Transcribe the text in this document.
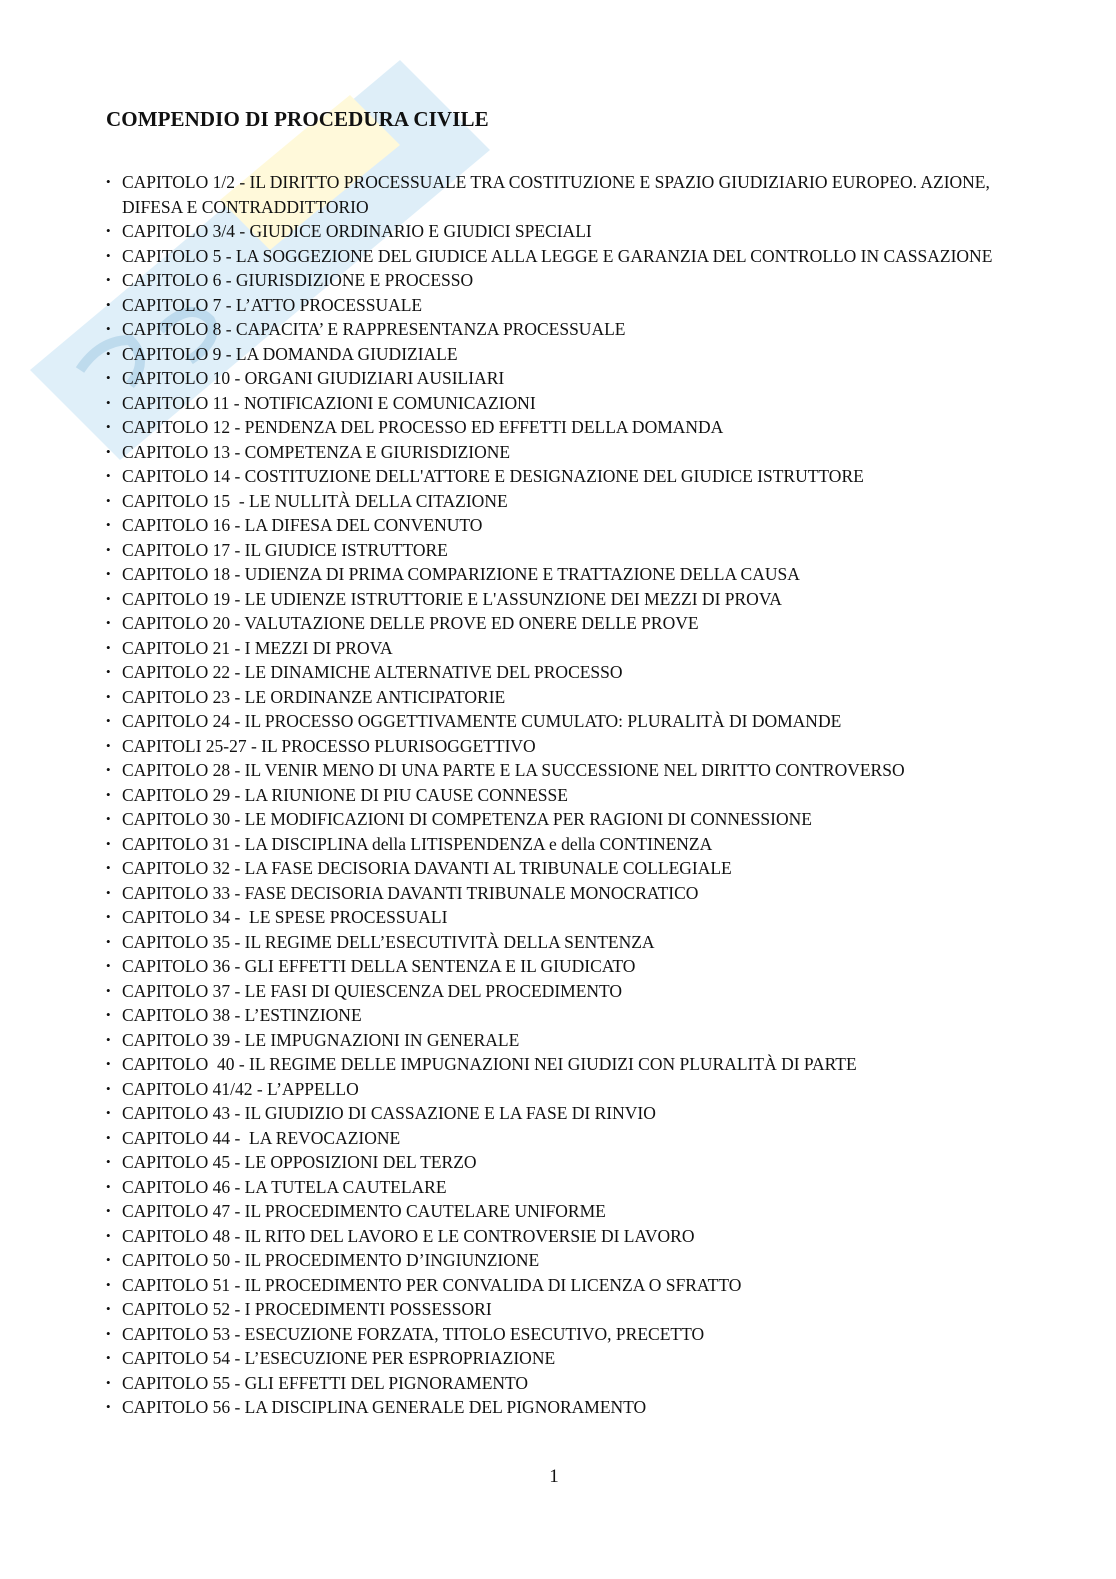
COMPENDIO DI PROCEDURA CIVILE
• CAPITOLO 1/2 - IL DIRITTO PROCESSUALE TRA COSTITUZIONE E SPAZIO GIUDIZIARIO EUROPEO. AZIONE, DIFESA E CONTRADDITTORIO
• CAPITOLO 3/4 - GIUDICE ORDINARIO E GIUDICI SPECIALI
• CAPITOLO 5 - LA SOGGEZIONE DEL GIUDICE ALLA LEGGE E GARANZIA DEL CONTROLLO IN CASSAZIONE
• CAPITOLO 6 - GIURISDIZIONE E PROCESSO
• CAPITOLO 7 - L’ATTO PROCESSUALE
• CAPITOLO 8 - CAPACITA’ E RAPPRESENTANZA PROCESSUALE
• CAPITOLO 9 - LA DOMANDA GIUDIZIALE
• CAPITOLO 10 - ORGANI GIUDIZIARI AUSILIARI
• CAPITOLO 11 - NOTIFICAZIONI E COMUNICAZIONI
• CAPITOLO 12 - PENDENZA DEL PROCESSO ED EFFETTI DELLA DOMANDA
• CAPITOLO 13 - COMPETENZA E GIURISDIZIONE
• CAPITOLO 14 - COSTITUZIONE DELL'ATTORE E DESIGNAZIONE DEL GIUDICE ISTRUTTORE
• CAPITOLO 15  - LE NULLITÀ DELLA CITAZIONE
• CAPITOLO 16 - LA DIFESA DEL CONVENUTO
• CAPITOLO 17 - IL GIUDICE ISTRUTTORE
• CAPITOLO 18 - UDIENZA DI PRIMA COMPARIZIONE E TRATTAZIONE DELLA CAUSA
• CAPITOLO 19 - LE UDIENZE ISTRUTTORIE E L'ASSUNZIONE DEI MEZZI DI PROVA
• CAPITOLO 20 - VALUTAZIONE DELLE PROVE ED ONERE DELLE PROVE
• CAPITOLO 21 - I MEZZI DI PROVA
• CAPITOLO 22 - LE DINAMICHE ALTERNATIVE DEL PROCESSO
• CAPITOLO 23 - LE ORDINANZE ANTICIPATORIE
• CAPITOLO 24 - IL PROCESSO OGGETTIVAMENTE CUMULATO: PLURALITÀ DI DOMANDE
• CAPITOLI 25-27 - IL PROCESSO PLURISOGGETTIVO
• CAPITOLO 28 - IL VENIR MENO DI UNA PARTE E LA SUCCESSIONE NEL DIRITTO CONTROVERSO
• CAPITOLO 29 - LA RIUNIONE DI PIU CAUSE CONNESSE
• CAPITOLO 30 - LE MODIFICAZIONI DI COMPETENZA PER RAGIONI DI CONNESSIONE
• CAPITOLO 31 - LA DISCIPLINA della LITISPENDENZA e della CONTINENZA
• CAPITOLO 32 - LA FASE DECISORIA DAVANTI AL TRIBUNALE COLLEGIALE
• CAPITOLO 33 - FASE DECISORIA DAVANTI TRIBUNALE MONOCRATICO
• CAPITOLO 34 -  LE SPESE PROCESSUALI
• CAPITOLO 35 - IL REGIME DELL’ESECUTIVITÀ DELLA SENTENZA
• CAPITOLO 36 - GLI EFFETTI DELLA SENTENZA E IL GIUDICATO
• CAPITOLO 37 - LE FASI DI QUIESCENZA DEL PROCEDIMENTO
• CAPITOLO 38 - L’ESTINZIONE
• CAPITOLO 39 - LE IMPUGNAZIONI IN GENERALE
• CAPITOLO  40 - IL REGIME DELLE IMPUGNAZIONI NEI GIUDIZI CON PLURALITÀ DI PARTE
• CAPITOLO 41/42 - L’APPELLO
• CAPITOLO 43 - IL GIUDIZIO DI CASSAZIONE E LA FASE DI RINVIO
• CAPITOLO 44 -  LA REVOCAZIONE
• CAPITOLO 45 - LE OPPOSIZIONI DEL TERZO
• CAPITOLO 46 - LA TUTELA CAUTELARE
• CAPITOLO 47 - IL PROCEDIMENTO CAUTELARE UNIFORME
• CAPITOLO 48 - IL RITO DEL LAVORO E LE CONTROVERSIE DI LAVORO
• CAPITOLO 50 - IL PROCEDIMENTO D’INGIUNZIONE
• CAPITOLO 51 - IL PROCEDIMENTO PER CONVALIDA DI LICENZA O SFRATTO
• CAPITOLO 52 - I PROCEDIMENTI POSSESSORI
• CAPITOLO 53 - ESECUZIONE FORZATA, TITOLO ESECUTIVO, PRECETTO
• CAPITOLO 54 - L’ESECUZIONE PER ESPROPRIAZIONE
• CAPITOLO 55 - GLI EFFETTI DEL PIGNORAMENTO
• CAPITOLO 56 - LA DISCIPLINA GENERALE DEL PIGNORAMENTO
1
